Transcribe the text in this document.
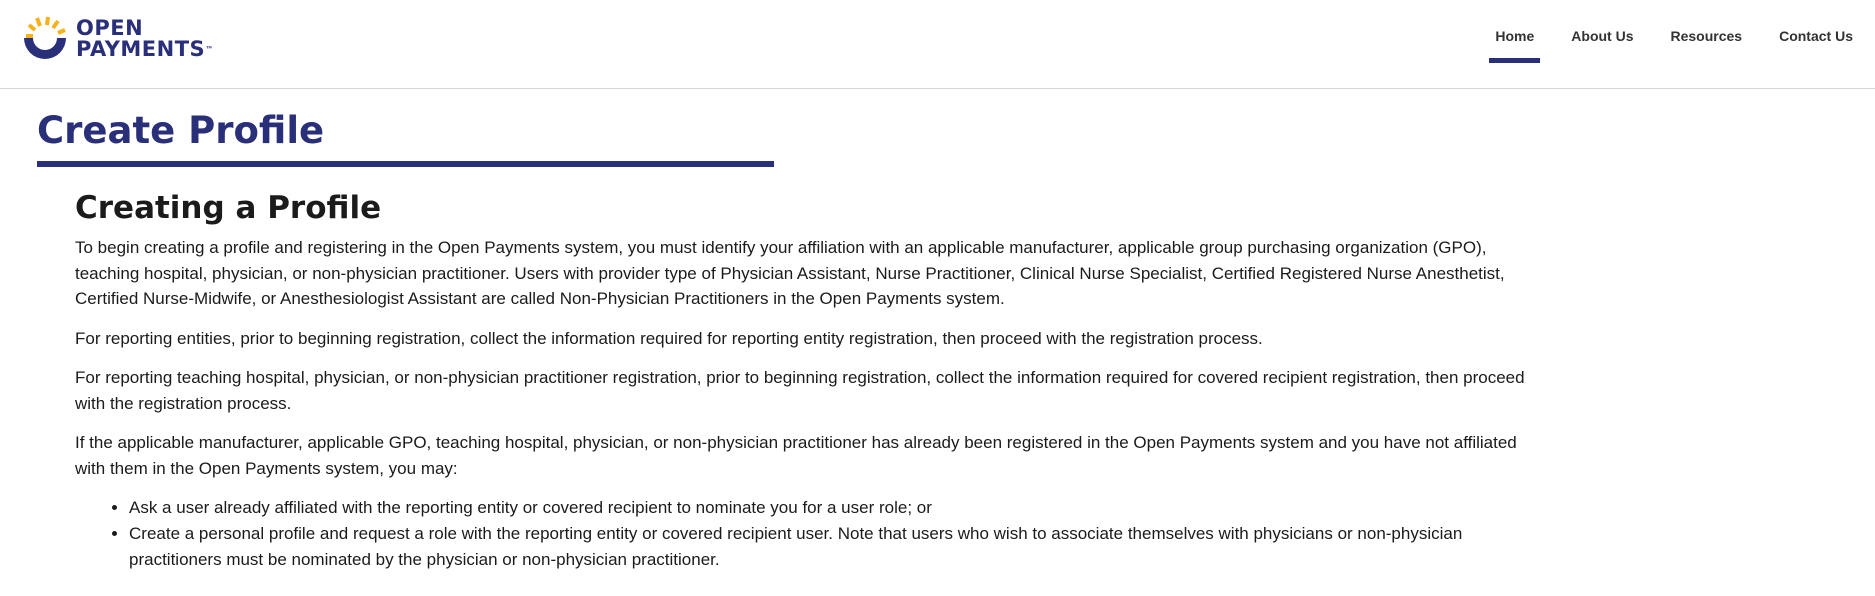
OPEN
PAYMENTS™
Home	About Us	Resources	Contact Us
Create Profile
Creating a Profile

To begin creating a profile and registering in the Open Payments system, you must identify your affiliation with an applicable manufacturer, applicable group purchasing organization (GPO), teaching hospital, physician, or non-physician practitioner. Users with provider type of Physician Assistant, Nurse Practitioner, Clinical Nurse Specialist, Certified Registered Nurse Anesthetist, Certified Nurse-Midwife, or Anesthesiologist Assistant are called Non-Physician Practitioners in the Open Payments system.

For reporting entities, prior to beginning registration, collect the information required for reporting entity registration, then proceed with the registration process.

For reporting teaching hospital, physician, or non-physician practitioner registration, prior to beginning registration, collect the information required for covered recipient registration, then proceed with the registration process.

If the applicable manufacturer, applicable GPO, teaching hospital, physician, or non-physician practitioner has already been registered in the Open Payments system and you have not affiliated with them in the Open Payments system, you may:

• Ask a user already affiliated with the reporting entity or covered recipient to nominate you for a user role; or
• Create a personal profile and request a role with the reporting entity or covered recipient user. Note that users who wish to associate themselves with physicians or non-physician practitioners must be nominated by the physician or non-physician practitioner.
